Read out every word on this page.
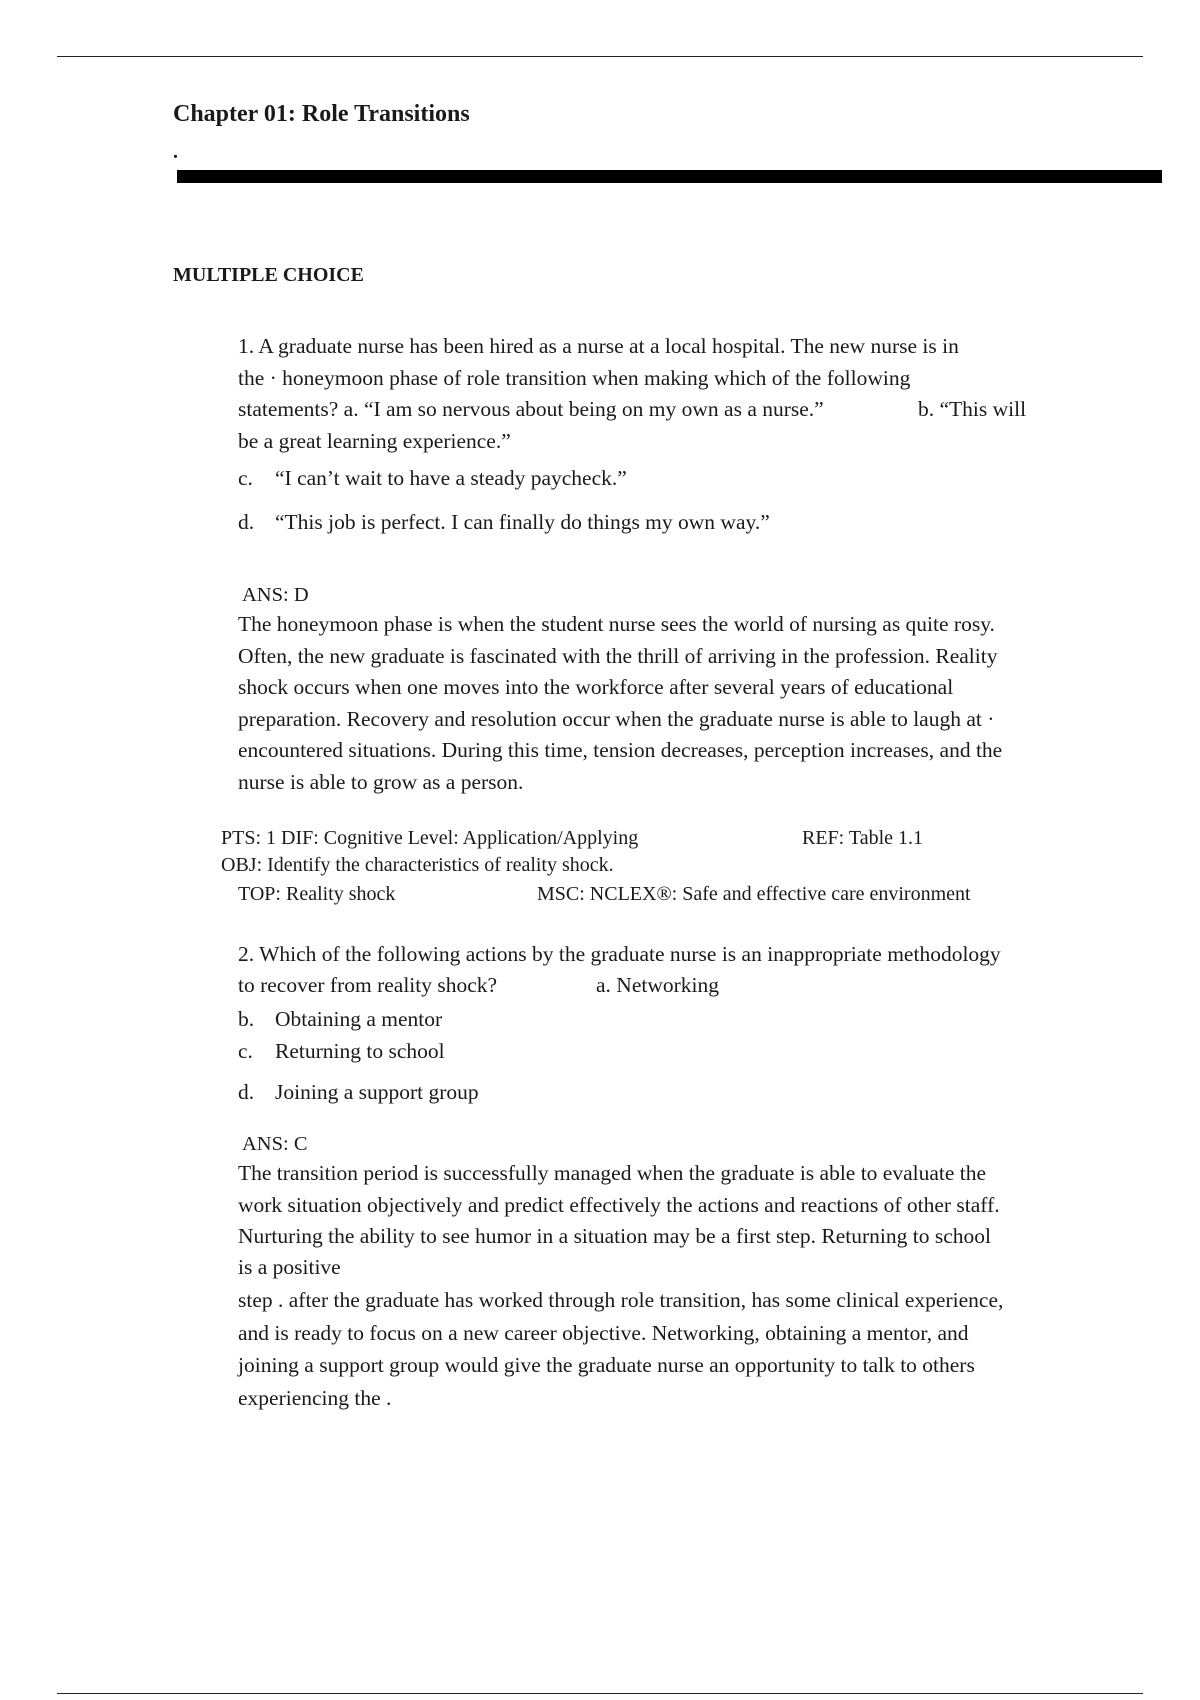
Chapter 01: Role Transitions
.
MULTIPLE CHOICE
1. A graduate nurse has been hired as a nurse at a local hospital. The new nurse is in
the · honeymoon phase of role transition when making which of the following
statements? a. “I am so nervous about being on my own as a nurse.”	b. “This will
be a great learning experience.”
c. “I can’t wait to have a steady paycheck.”
d. “This job is perfect. I can finally do things my own way.”
ANS: D
The honeymoon phase is when the student nurse sees the world of nursing as quite rosy.
Often, the new graduate is fascinated with the thrill of arriving in the profession. Reality
shock occurs when one moves into the workforce after several years of educational
preparation. Recovery and resolution occur when the graduate nurse is able to laugh at ·
encountered situations. During this time, tension decreases, perception increases, and the
nurse is able to grow as a person.
PTS: 1 DIF: Cognitive Level: Application/Applying	REF: Table 1.1
OBJ: Identify the characteristics of reality shock.
TOP: Reality shock	MSC: NCLEX®: Safe and effective care environment
2. Which of the following actions by the graduate nurse is an inappropriate methodology
to recover from reality shock?	a. Networking
b. Obtaining a mentor
c. Returning to school
d. Joining a support group
ANS: C
The transition period is successfully managed when the graduate is able to evaluate the
work situation objectively and predict effectively the actions and reactions of other staff.
Nurturing the ability to see humor in a situation may be a first step. Returning to school
is a positive
step . after the graduate has worked through role transition, has some clinical experience,
and is ready to focus on a new career objective. Networking, obtaining a mentor, and
joining a support group would give the graduate nurse an opportunity to talk to others
experiencing the .
